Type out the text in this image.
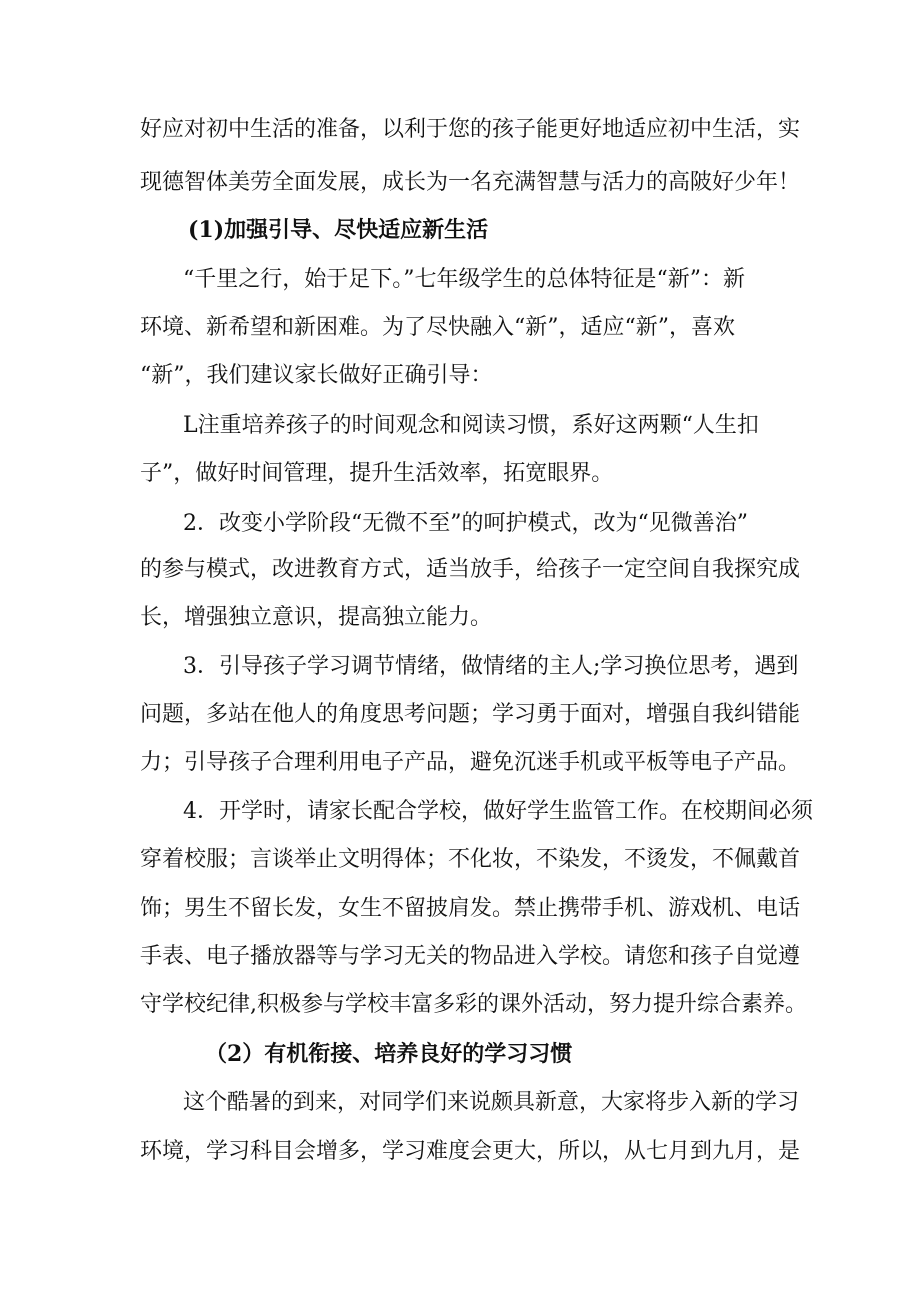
好应对初中生活的准备，以利于您的孩子能更好地适应初中生活，实
现德智体美劳全面发展，成长为一名充满智慧与活力的高陂好少年！
(1)加强引导、尽快适应新生活
“千里之行，始于足下。”七年级学生的总体特征是“新”：新
环境、新希望和新困难。为了尽快融入“新”，适应“新”，喜欢
“新”，我们建议家长做好正确引导：
L注重培养孩子的时间观念和阅读习惯，系好这两颗“人生扣
子”，做好时间管理，提升生活效率，拓宽眼界。
2．改变小学阶段“无微不至”的呵护模式，改为“见微善治”
的参与模式，改进教育方式，适当放手，给孩子一定空间自我探究成
长，增强独立意识，提高独立能力。
3．引导孩子学习调节情绪，做情绪的主人;学习换位思考，遇到
问题，多站在他人的角度思考问题；学习勇于面对，增强自我纠错能
力；引导孩子合理利用电子产品，避免沉迷手机或平板等电子产品。
4．开学时，请家长配合学校，做好学生监管工作。在校期间必须
穿着校服；言谈举止文明得体；不化妆，不染发，不烫发，不佩戴首
饰；男生不留长发，女生不留披肩发。禁止携带手机、游戏机、电话
手表、电子播放器等与学习无关的物品进入学校。请您和孩子自觉遵
守学校纪律,积极参与学校丰富多彩的课外活动，努力提升综合素养。
（2）有机衔接、培养良好的学习习惯
这个酷暑的到来，对同学们来说颇具新意，大家将步入新的学习
环境，学习科目会增多，学习难度会更大，所以，从七月到九月，是
